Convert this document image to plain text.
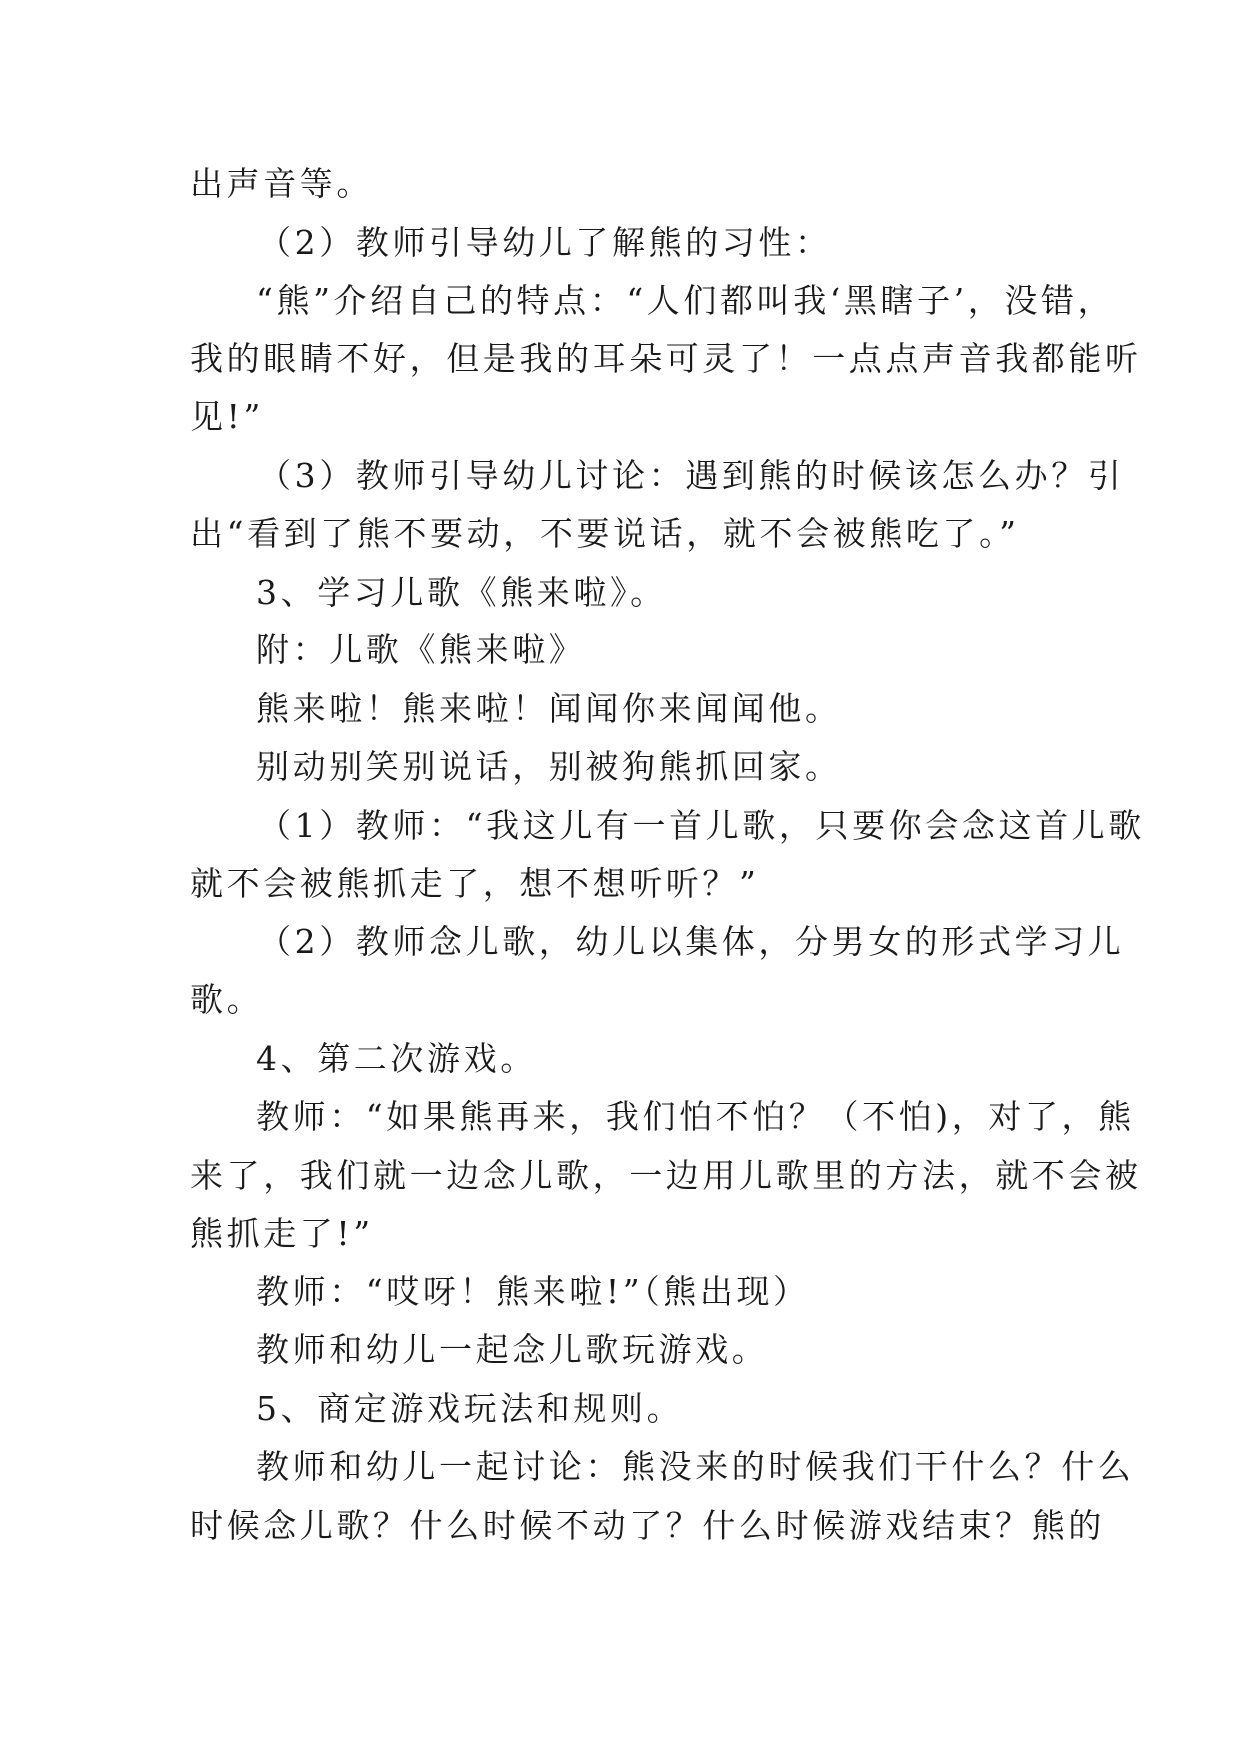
出声音等。
（2）教师引导幼儿了解熊的习性：
“熊”介绍自己的特点：“人们都叫我‘黑瞎子’，没错，
我的眼睛不好，但是我的耳朵可灵了！一点点声音我都能听
见!”
（3）教师引导幼儿讨论：遇到熊的时候该怎么办？引
出“看到了熊不要动，不要说话，就不会被熊吃了。”
3、学习儿歌《熊来啦》。
附：儿歌《熊来啦》
熊来啦！熊来啦！闻闻你来闻闻他。
别动别笑别说话，别被狗熊抓回家。
（1）教师：“我这儿有一首儿歌，只要你会念这首儿歌
就不会被熊抓走了，想不想听听？”
（2）教师念儿歌，幼儿以集体，分男女的形式学习儿
歌。
4、第二次游戏。
教师：“如果熊再来，我们怕不怕？（不怕)，对了，熊
来了，我们就一边念儿歌，一边用儿歌里的方法，就不会被
熊抓走了!”
教师：“哎呀！熊来啦!”（熊出现）
教师和幼儿一起念儿歌玩游戏。
5、商定游戏玩法和规则。
教师和幼儿一起讨论：熊没来的时候我们干什么？什么
时候念儿歌？什么时候不动了？什么时候游戏结束？熊的
